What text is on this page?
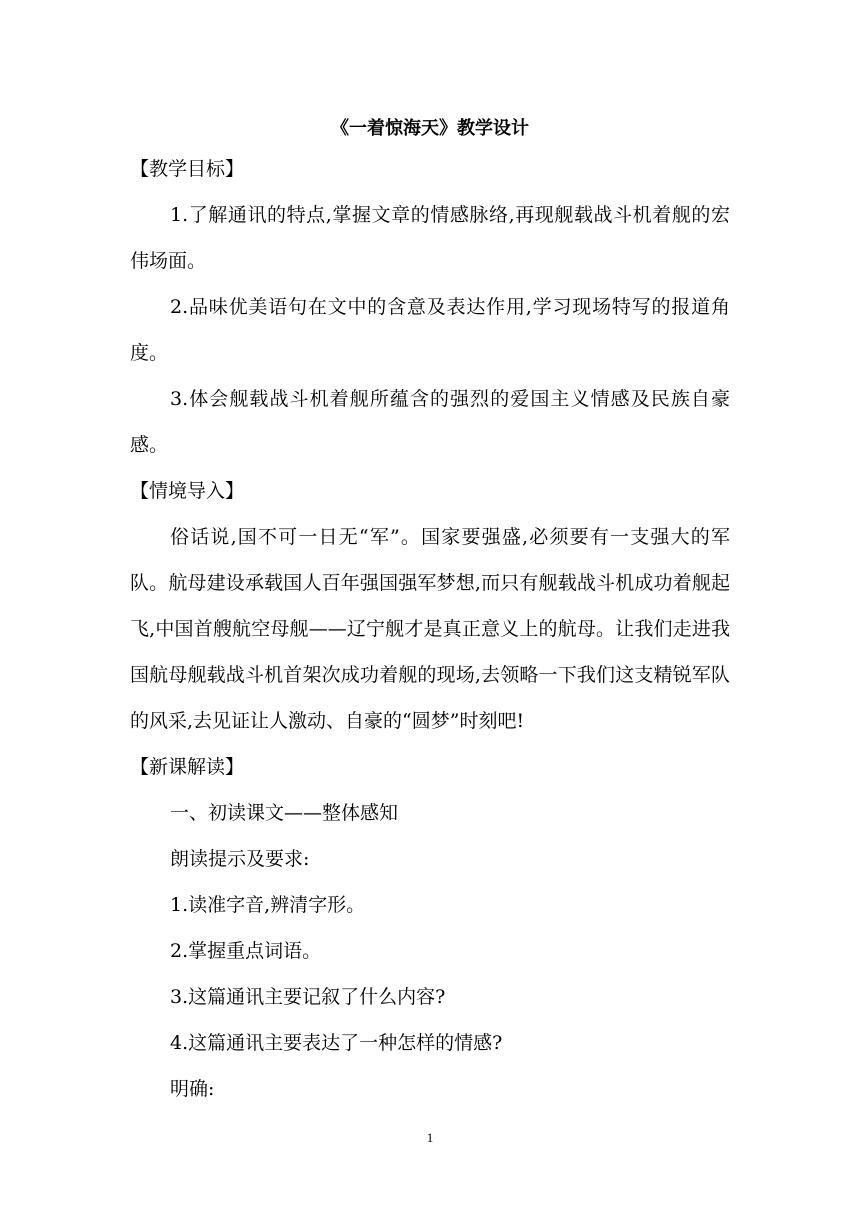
《一着惊海天》教学设计
【教学目标】

1.了解通讯的特点,掌握文章的情感脉络,再现舰载战斗机着舰的宏伟场面。

2.品味优美语句在文中的含意及表达作用,学习现场特写的报道角度。

3.体会舰载战斗机着舰所蕴含的强烈的爱国主义情感及民族自豪感。

【情境导入】

俗话说,国不可一日无“军”。国家要强盛,必须要有一支强大的军队。航母建设承载国人百年强国强军梦想,而只有舰载战斗机成功着舰起飞,中国首艘航空母舰——辽宁舰才是真正意义上的航母。让我们走进我国航母舰载战斗机首架次成功着舰的现场,去领略一下我们这支精锐军队的风采,去见证让人激动、自豪的“圆梦”时刻吧!

【新课解读】

一、初读课文——整体感知

朗读提示及要求:

1.读准字音,辨清字形。

2.掌握重点词语。

3.这篇通讯主要记叙了什么内容?

4.这篇通讯主要表达了一种怎样的情感?

明确:

1
